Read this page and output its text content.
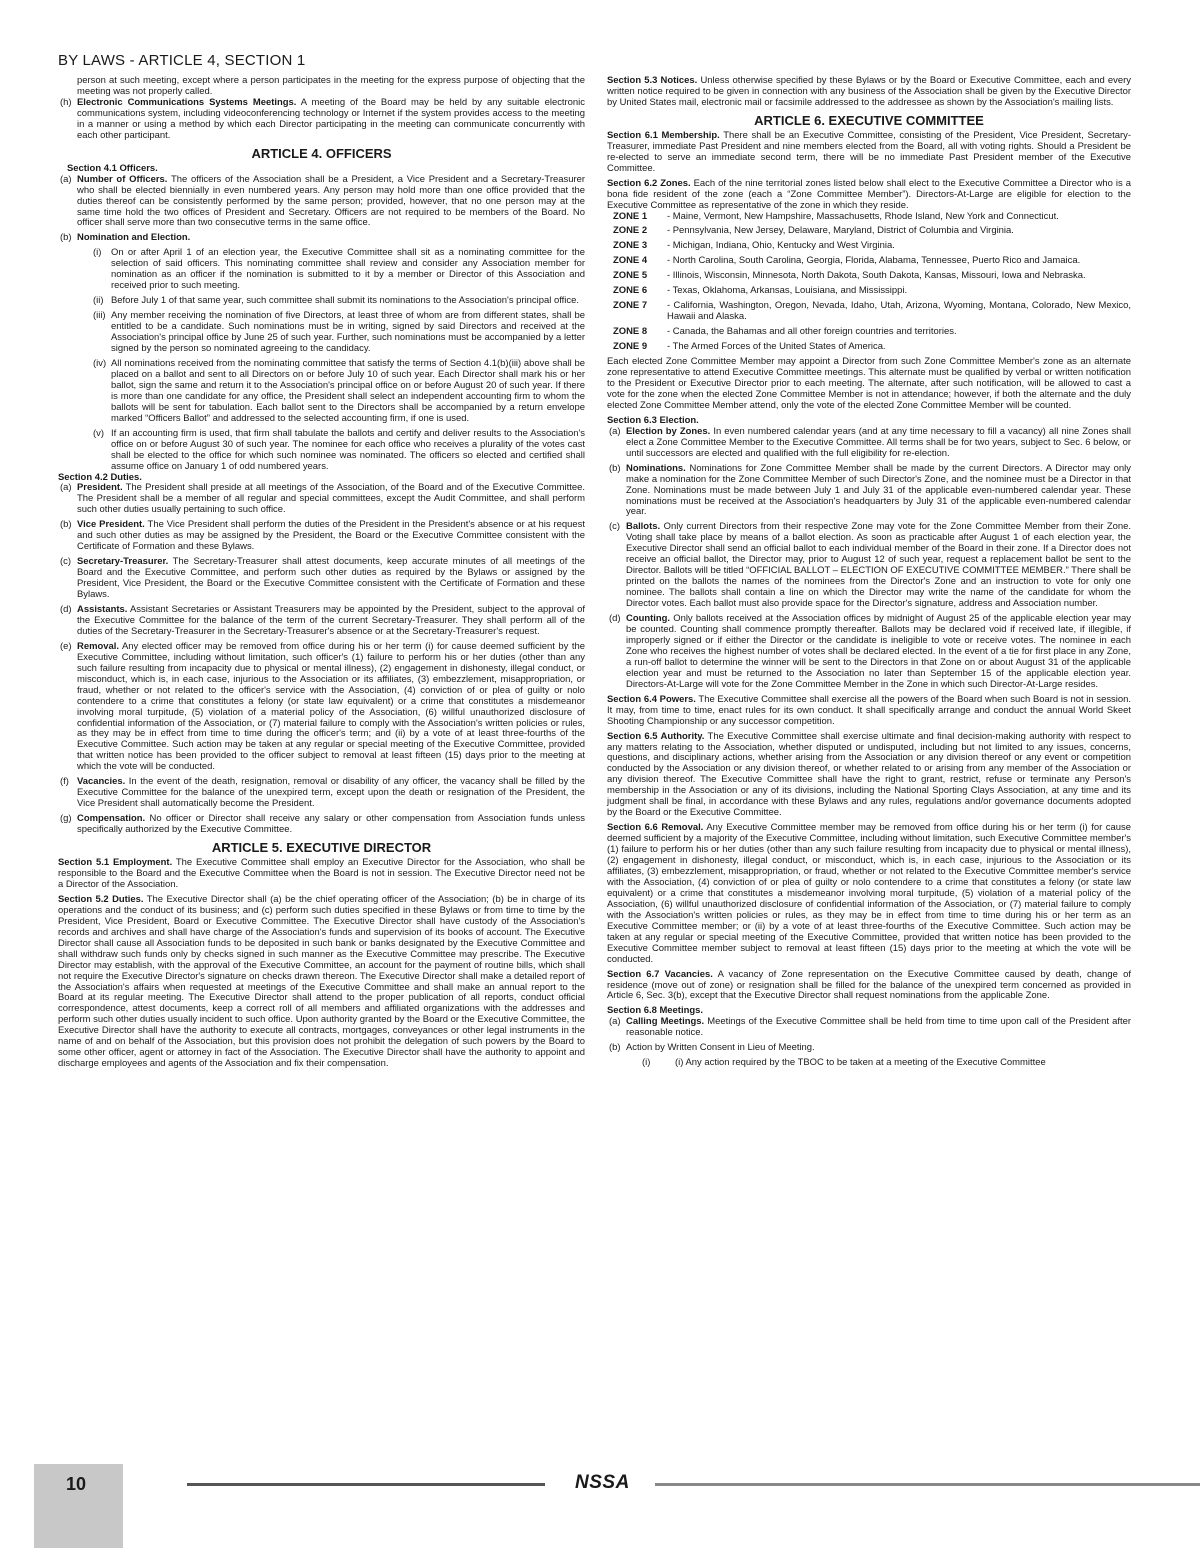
BY LAWS - ARTICLE 4, SECTION 1

person at such meeting, except where a person participates in the meeting for the express purpose of objecting that the meeting was not properly called.

(h) Electronic Communications Systems Meetings. A meeting of the Board may be held by any suitable electronic communications system, including videoconferencing technology or Internet if the system provides access to the meeting in a manner or using a method by which each Director participating in the meeting can communicate concurrently with each other participant.

ARTICLE 4. OFFICERS

Section 4.1 Officers.

(a) Number of Officers. The officers of the Association shall be a President, a Vice President and a Secretary-Treasurer who shall be elected biennially in even numbered years. Any person may hold more than one office provided that the duties thereof can be consistently performed by the same person; provided, however, that no one person may at the same time hold the two offices of President and Secretary. Officers are not required to be members of the Board. No officer shall serve more than two consecutive terms in the same office.

(b) Nomination and Election.

(i) On or after April 1 of an election year, the Executive Committee shall sit as a nominating committee for the selection of said officers. This nominating committee shall review and consider any Association member for nomination as an officer if the nomination is submitted to it by a member or Director of this Association and received prior to such meeting.

(ii) Before July 1 of that same year, such committee shall submit its nominations to the Association's principal office.

(iii) Any member receiving the nomination of five Directors, at least three of whom are from different states, shall be entitled to be a candidate. Such nominations must be in writing, signed by said Directors and received at the Association's principal office by June 25 of such year. Further, such nominations must be accompanied by a letter signed by the person so nominated agreeing to the candidacy.

(iv) All nominations received from the nominating committee that satisfy the terms of Section 4.1(b)(iii) above shall be placed on a ballot and sent to all Directors on or before July 10 of such year. Each Director shall mark his or her ballot, sign the same and return it to the Association's principal office on or before August 20 of such year. If there is more than one candidate for any office, the President shall select an independent accounting firm to whom the ballots will be sent for tabulation. Each ballot sent to the Directors shall be accompanied by a return envelope marked “Officers Ballot” and addressed to the selected accounting firm, if one is used.

(v) If an accounting firm is used, that firm shall tabulate the ballots and certify and deliver results to the Association's office on or before August 30 of such year. The nominee for each office who receives a plurality of the votes cast shall be elected to the office for which such nominee was nominated. The officers so elected and certified shall assume office on January 1 of odd numbered years.

Section 4.2 Duties.

(a) President. The President shall preside at all meetings of the Association, of the Board and of the Executive Committee. The President shall be a member of all regular and special committees, except the Audit Committee, and shall perform such other duties usually pertaining to such office.

(b) Vice President. The Vice President shall perform the duties of the President in the President's absence or at his request and such other duties as may be assigned by the President, the Board or the Executive Committee consistent with the Certificate of Formation and these Bylaws.

(c) Secretary-Treasurer. The Secretary-Treasurer shall attest documents, keep accurate minutes of all meetings of the Board and the Executive Committee, and perform such other duties as required by the Bylaws or assigned by the President, Vice President, the Board or the Executive Committee consistent with the Certificate of Formation and these Bylaws.

(d) Assistants. Assistant Secretaries or Assistant Treasurers may be appointed by the President, subject to the approval of the Executive Committee for the balance of the term of the current Secretary-Treasurer. They shall perform all of the duties of the Secretary-Treasurer in the Secretary-Treasurer's absence or at the Secretary-Treasurer's request.

(e) Removal. Any elected officer may be removed from office during his or her term (i) for cause deemed sufficient by the Executive Committee, including without limitation, such officer's (1) failure to perform his or her duties (other than any such failure resulting from incapacity due to physical or mental illness), (2) engagement in dishonesty, illegal conduct, or misconduct, which is, in each case, injurious to the Association or its affiliates, (3) embezzlement, misappropriation, or fraud, whether or not related to the officer's service with the Association, (4) conviction of or plea of guilty or nolo contendere to a crime that constitutes a felony (or state law equivalent) or a crime that constitutes a misdemeanor involving moral turpitude, (5) violation of a material policy of the Association, (6) willful unauthorized disclosure of confidential information of the Association, or (7) material failure to comply with the Association's written policies or rules, as they may be in effect from time to time during the officer's term; and (ii) by a vote of at least three-fourths of the Executive Committee. Such action may be taken at any regular or special meeting of the Executive Committee, provided that written notice has been provided to the officer subject to removal at least fifteen (15) days prior to the meeting at which the vote will be conducted.

(f) Vacancies. In the event of the death, resignation, removal or disability of any officer, the vacancy shall be filled by the Executive Committee for the balance of the unexpired term, except upon the death or resignation of the President, the Vice President shall automatically become the President.

(g) Compensation. No officer or Director shall receive any salary or other compensation from Association funds unless specifically authorized by the Executive Committee.

ARTICLE 5. EXECUTIVE DIRECTOR

Section 5.1 Employment. The Executive Committee shall employ an Executive Director for the Association, who shall be responsible to the Board and the Executive Committee when the Board is not in session. The Executive Director need not be a Director of the Association.

Section 5.2 Duties. The Executive Director shall (a) be the chief operating officer of the Association; (b) be in charge of its operations and the conduct of its business; and (c) perform such duties specified in these Bylaws or from time to time by the President, Vice President, Board or Executive Committee. The Executive Director shall have custody of the Association's records and archives and shall have charge of the Association's funds and supervision of its books of account. The Executive Director shall cause all Association funds to be deposited in such bank or banks designated by the Executive Committee and shall withdraw such funds only by checks signed in such manner as the Executive Committee may prescribe. The Executive Director may establish, with the approval of the Executive Committee, an account for the payment of routine bills, which shall not require the Executive Director's signature on checks drawn thereon. The Executive Director shall make a detailed report of the Association's affairs when requested at meetings of the Executive Committee and shall make an annual report to the Board at its regular meeting. The Executive Director shall attend to the proper publication of all reports, conduct official correspondence, attest documents, keep a correct roll of all members and affiliated organizations with the addresses and perform such other duties usually incident to such office. Upon authority granted by the Board or the Executive Committee, the Executive Director shall have the authority to execute all contracts, mortgages, conveyances or other legal instruments in the name of and on behalf of the Association, but this provision does not prohibit the delegation of such powers by the Board to some other officer, agent or attorney in fact of the Association. The Executive Director shall have the authority to appoint and discharge employees and agents of the Association and fix their compensation.

Section 5.3 Notices. Unless otherwise specified by these Bylaws or by the Board or Executive Committee, each and every written notice required to be given in connection with any business of the Association shall be given by the Executive Director by United States mail, electronic mail or facsimile addressed to the addressee as shown by the Association's mailing lists.

ARTICLE 6. EXECUTIVE COMMITTEE

Section 6.1 Membership. There shall be an Executive Committee, consisting of the President, Vice President, Secretary-Treasurer, immediate Past President and nine members elected from the Board, all with voting rights. Should a President be re-elected to serve an immediate second term, there will be no immediate Past President member of the Executive Committee.

Section 6.2 Zones. Each of the nine territorial zones listed below shall elect to the Executive Committee a Director who is a bona fide resident of the zone (each a “Zone Committee Member”). Directors-At-Large are eligible for election to the Executive Committee as representative of the zone in which they reside.

ZONE 1 - Maine, Vermont, New Hampshire, Massachusetts, Rhode Island, New York and Connecticut.

ZONE 2 - Pennsylvania, New Jersey, Delaware, Maryland, District of Columbia and Virginia.

ZONE 3 - Michigan, Indiana, Ohio, Kentucky and West Virginia.

ZONE 4 - North Carolina, South Carolina, Georgia, Florida, Alabama, Tennessee, Puerto Rico and Jamaica.

ZONE 5 - Illinois, Wisconsin, Minnesota, North Dakota, South Dakota, Kansas, Missouri, Iowa and Nebraska.

ZONE 6 - Texas, Oklahoma, Arkansas, Louisiana, and Mississippi.

ZONE 7 - California, Washington, Oregon, Nevada, Idaho, Utah, Arizona, Wyoming, Montana, Colorado, New Mexico, Hawaii and Alaska.

ZONE 8 - Canada, the Bahamas and all other foreign countries and territories.

ZONE 9 - The Armed Forces of the United States of America.

Each elected Zone Committee Member may appoint a Director from such Zone Committee Member's zone as an alternate zone representative to attend Executive Committee meetings. This alternate must be qualified by verbal or written notification to the President or Executive Director prior to each meeting. The alternate, after such notification, will be allowed to cast a vote for the zone when the elected Zone Committee Member is not in attendance; however, if both the alternate and the duly elected Zone Committee Member attend, only the vote of the elected Zone Committee Member will be counted.

Section 6.3 Election.

(a) Election by Zones. In even numbered calendar years (and at any time necessary to fill a vacancy) all nine Zones shall elect a Zone Committee Member to the Executive Committee. All terms shall be for two years, subject to Sec. 6 below, or until successors are elected and qualified with the full eligibility for re-election.

(b) Nominations. Nominations for Zone Committee Member shall be made by the current Directors. A Director may only make a nomination for the Zone Committee Member of such Director's Zone, and the nominee must be a Director in that Zone. Nominations must be made between July 1 and July 31 of the applicable even-numbered calendar year. These nominations must be received at the Association's headquarters by July 31 of the applicable even-numbered calendar year.

(c) Ballots. Only current Directors from their respective Zone may vote for the Zone Committee Member from their Zone. Voting shall take place by means of a ballot election. As soon as practicable after August 1 of each election year, the Executive Director shall send an official ballot to each individual member of the Board in their zone. If a Director does not receive an official ballot, the Director may, prior to August 12 of such year, request a replacement ballot be sent to the Director. Ballots will be titled “OFFICIAL BALLOT – ELECTION OF EXECUTIVE COMMITTEE MEMBER.” There shall be printed on the ballots the names of the nominees from the Director's Zone and an instruction to vote for only one nominee. The ballots shall contain a line on which the Director may write the name of the candidate for whom the Director votes. Each ballot must also provide space for the Director's signature, address and Association number.

(d) Counting. Only ballots received at the Association offices by midnight of August 25 of the applicable election year may be counted. Counting shall commence promptly thereafter. Ballots may be declared void if received late, if illegible, if improperly signed or if either the Director or the candidate is ineligible to vote or receive votes. The nominee in each Zone who receives the highest number of votes shall be declared elected. In the event of a tie for first place in any Zone, a run-off ballot to determine the winner will be sent to the Directors in that Zone on or about August 31 of the applicable election year and must be returned to the Association no later than September 15 of the applicable election year. Directors-At-Large will vote for the Zone Committee Member in the Zone in which such Director-At-Large resides.

Section 6.4 Powers. The Executive Committee shall exercise all the powers of the Board when such Board is not in session. It may, from time to time, enact rules for its own conduct. It shall specifically arrange and conduct the annual World Skeet Shooting Championship or any successor competition.

Section 6.5 Authority. The Executive Committee shall exercise ultimate and final decision-making authority with respect to any matters relating to the Association, whether disputed or undisputed, including but not limited to any issues, concerns, questions, and disciplinary actions, whether arising from the Association or any division thereof or any event or competition conducted by the Association or any division thereof, or whether related to or arising from any member of the Association or any division thereof. The Executive Committee shall have the right to grant, restrict, refuse or terminate any Person's membership in the Association or any of its divisions, including the National Sporting Clays Association, at any time and its judgment shall be final, in accordance with these Bylaws and any rules, regulations and/or governance documents adopted by the Board or the Executive Committee.

Section 6.6 Removal. Any Executive Committee member may be removed from office during his or her term (i) for cause deemed sufficient by a majority of the Executive Committee, including without limitation, such Executive Committee member's (1) failure to perform his or her duties (other than any such failure resulting from incapacity due to physical or mental illness), (2) engagement in dishonesty, illegal conduct, or misconduct, which is, in each case, injurious to the Association or its affiliates, (3) embezzlement, misappropriation, or fraud, whether or not related to the Executive Committee member's service with the Association, (4) conviction of or plea of guilty or nolo contendere to a crime that constitutes a felony (or state law equivalent) or a crime that constitutes a misdemeanor involving moral turpitude, (5) violation of a material policy of the Association, (6) willful unauthorized disclosure of confidential information of the Association, or (7) material failure to comply with the Association's written policies or rules, as they may be in effect from time to time during his or her term as an Executive Committee member; or (ii) by a vote of at least three-fourths of the Executive Committee. Such action may be taken at any regular or special meeting of the Executive Committee, provided that written notice has been provided to the Executive Committee member subject to removal at least fifteen (15) days prior to the meeting at which the vote will be conducted.

Section 6.7 Vacancies. A vacancy of Zone representation on the Executive Committee caused by death, change of residence (move out of zone) or resignation shall be filled for the balance of the unexpired term concerned as provided in Article 6, Sec. 3(b), except that the Executive Director shall request nominations from the applicable Zone.

Section 6.8 Meetings.

(a) Calling Meetings. Meetings of the Executive Committee shall be held from time to time upon call of the President after reasonable notice.

(b) Action by Written Consent in Lieu of Meeting.

(i)	(i) Any action required by the TBOC to be taken at a meeting of the Executive Committee

10	NSSA
